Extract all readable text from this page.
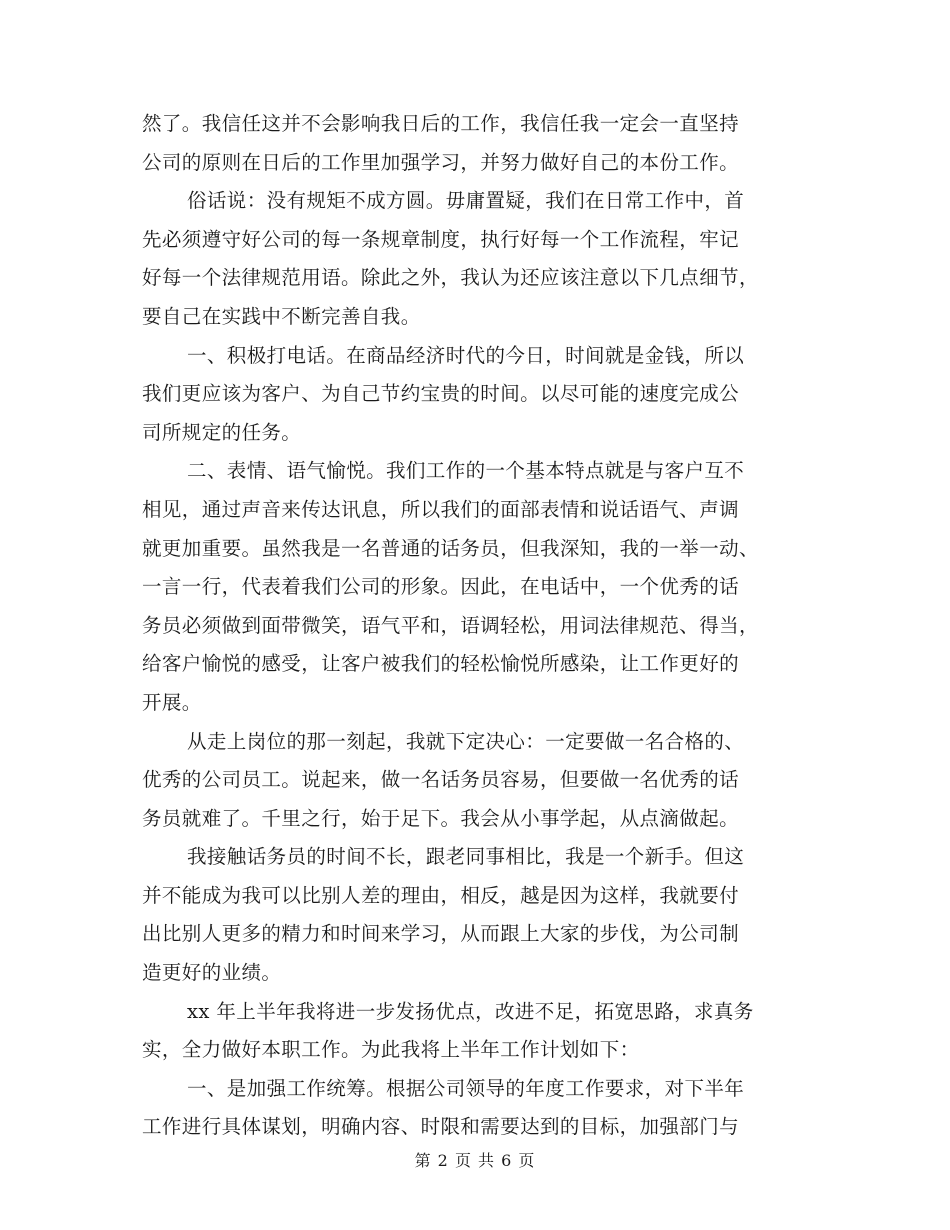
然了。我信任这并不会影响我日后的工作，我信任我一定会一直坚持
公司的原则在日后的工作里加强学习，并努力做好自己的本份工作。
俗话说：没有规矩不成方圆。毋庸置疑，我们在日常工作中，首
先必须遵守好公司的每一条规章制度，执行好每一个工作流程，牢记
好每一个法律规范用语。除此之外，我认为还应该注意以下几点细节，
要自己在实践中不断完善自我。
一、积极打电话。在商品经济时代的今日，时间就是金钱，所以
我们更应该为客户、为自己节约宝贵的时间。以尽可能的速度完成公
司所规定的任务。
二、表情、语气愉悦。我们工作的一个基本特点就是与客户互不
相见，通过声音来传达讯息，所以我们的面部表情和说话语气、声调
就更加重要。虽然我是一名普通的话务员，但我深知，我的一举一动、
一言一行，代表着我们公司的形象。因此，在电话中，一个优秀的话
务员必须做到面带微笑，语气平和，语调轻松，用词法律规范、得当，
给客户愉悦的感受，让客户被我们的轻松愉悦所感染，让工作更好的
开展。
从走上岗位的那一刻起，我就下定决心：一定要做一名合格的、
优秀的公司员工。说起来，做一名话务员容易，但要做一名优秀的话
务员就难了。千里之行，始于足下。我会从小事学起，从点滴做起。
我接触话务员的时间不长，跟老同事相比，我是一个新手。但这
并不能成为我可以比别人差的理由，相反，越是因为这样，我就要付
出比别人更多的精力和时间来学习，从而跟上大家的步伐，为公司制
造更好的业绩。
xx 年上半年我将进一步发扬优点，改进不足，拓宽思路，求真务
实，全力做好本职工作。为此我将上半年工作计划如下：
一、是加强工作统筹。根据公司领导的年度工作要求，对下半年
工作进行具体谋划，明确内容、时限和需要达到的目标，加强部门与
第 2 页 共 6 页
